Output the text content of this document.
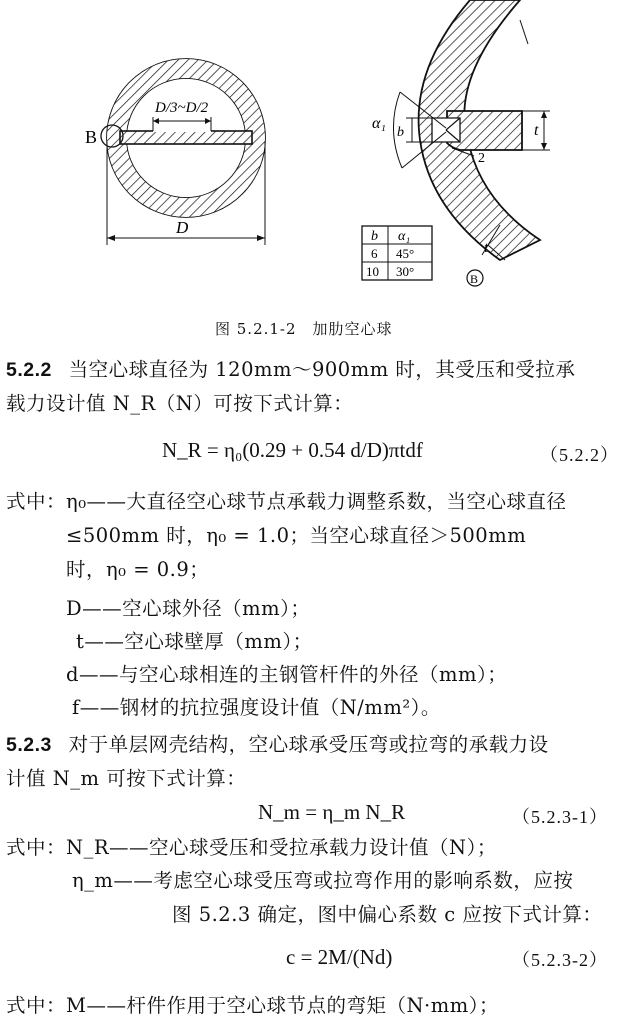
B
D/3~D/2
D
α₁
b	t
2
t
b α₁
6 45°
10 30°	B
图 5.2.1-2　加肋空心球
5.2.2 当空心球直径为 120mm～900mm 时，其受压和受拉承
载力设计值 N_R（N）可按下式计算：
N_R = η₀(0.29 + 0.54 d/D)πtdf	（5.2.2）
式中：η₀——大直径空心球节点承载力调整系数，当空心球直径
≤500mm 时，η₀ = 1.0；当空心球直径＞500mm
时，η₀ = 0.9；
D——空心球外径（mm）；
t——空心球壁厚（mm）；
d——与空心球相连的主钢管杆件的外径（mm）；
f——钢材的抗拉强度设计值（N/mm²）。
5.2.3 对于单层网壳结构，空心球承受压弯或拉弯的承载力设
计值 N_m 可按下式计算：
N_m = η_m N_R	（5.2.3-1）
式中：N_R——空心球受压和受拉承载力设计值（N）；
η_m——考虑空心球受压弯或拉弯作用的影响系数，应按
图 5.2.3 确定，图中偏心系数 c 应按下式计算：
c = 2M/(Nd)	（5.2.3-2）
式中：M——杆件作用于空心球节点的弯矩（N·mm）；
